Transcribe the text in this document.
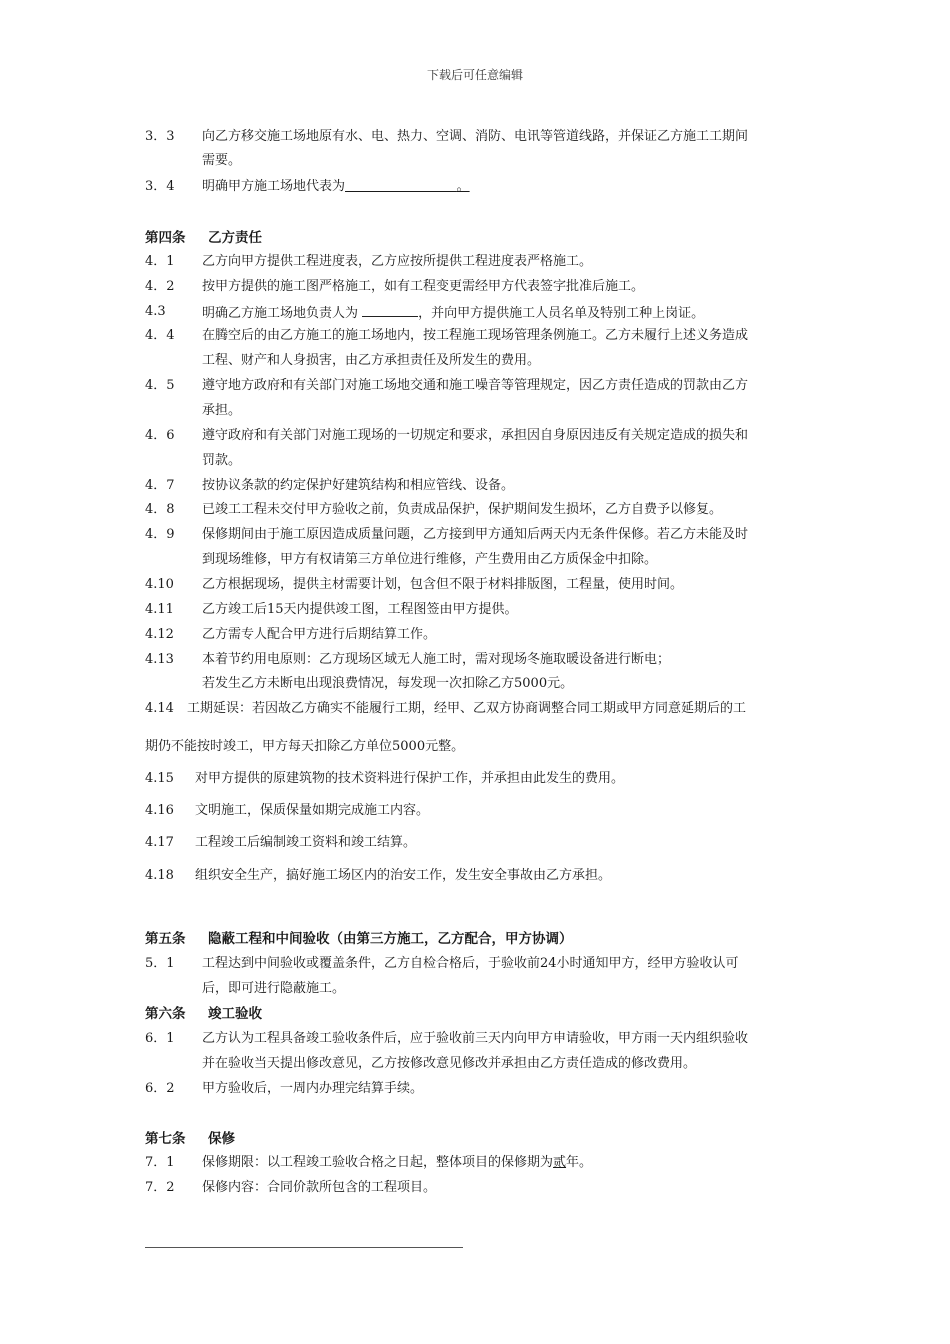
下载后可任意编辑
3．3 向乙方移交施工场地原有水、电、热力、空调、消防、电讯等管道线路，并保证乙方施工工期间
需要。
3．4 明确甲方施工场地代表为	。
第四条 乙方责任
4．1 乙方向甲方提供工程进度表，乙方应按所提供工程进度表严格施工。
4．2 按甲方提供的施工图严格施工，如有工程变更需经甲方代表签字批准后施工。
4.3	明确乙方施工场地负责人为	，并向甲方提供施工人员名单及特别工种上岗证。
4．4 在腾空后的由乙方施工的施工场地内，按工程施工现场管理条例施工。乙方未履行上述义务造成
工程、财产和人身损害，由乙方承担责任及所发生的费用。
4．5 遵守地方政府和有关部门对施工场地交通和施工噪音等管理规定，因乙方责任造成的罚款由乙方
承担。
4．6 遵守政府和有关部门对施工现场的一切规定和要求，承担因自身原因违反有关规定造成的损失和
罚款。
4．7 按协议条款的约定保护好建筑结构和相应管线、设备。
4．8 已竣工工程未交付甲方验收之前，负责成品保护，保护期间发生损坏，乙方自费予以修复。
4．9 保修期间由于施工原因造成质量问题，乙方接到甲方通知后两天内无条件保修。若乙方未能及时
到现场维修，甲方有权请第三方单位进行维修，产生费用由乙方质保金中扣除。
4.10 乙方根据现场，提供主材需要计划，包含但不限于材料排版图，工程量，使用时间。
4.11 乙方竣工后15天内提供竣工图，工程图签由甲方提供。
4.12 乙方需专人配合甲方进行后期结算工作。
4.13 本着节约用电原则：乙方现场区域无人施工时，需对现场冬施取暖设备进行断电；
若发生乙方未断电出现浪费情况，每发现一次扣除乙方5000元。
4.14 工期延误：若因故乙方确实不能履行工期，经甲、乙双方协商调整合同工期或甲方同意延期后的工
期仍不能按时竣工，甲方每天扣除乙方单位5000元整。
4.15 对甲方提供的原建筑物的技术资料进行保护工作，并承担由此发生的费用。
4.16 文明施工，保质保量如期完成施工内容。
4.17 工程竣工后编制竣工资料和竣工结算。
4.18 组织安全生产，搞好施工场区内的治安工作，发生安全事故由乙方承担。
第五条 隐蔽工程和中间验收（由第三方施工，乙方配合，甲方协调）
5．1 工程达到中间验收或覆盖条件，乙方自检合格后，于验收前24小时通知甲方，经甲方验收认可
后，即可进行隐蔽施工。
第六条 竣工验收
6．1 乙方认为工程具备竣工验收条件后，应于验收前三天内向甲方申请验收，甲方雨一天内组织验收
并在验收当天提出修改意见，乙方按修改意见修改并承担由乙方责任造成的修改费用。
6．2 甲方验收后，一周内办理完结算手续。
第七条 保修
7．1 保修期限：以工程竣工验收合格之日起，整体项目的保修期为贰年。
7．2 保修内容：合同价款所包含的工程项目。
